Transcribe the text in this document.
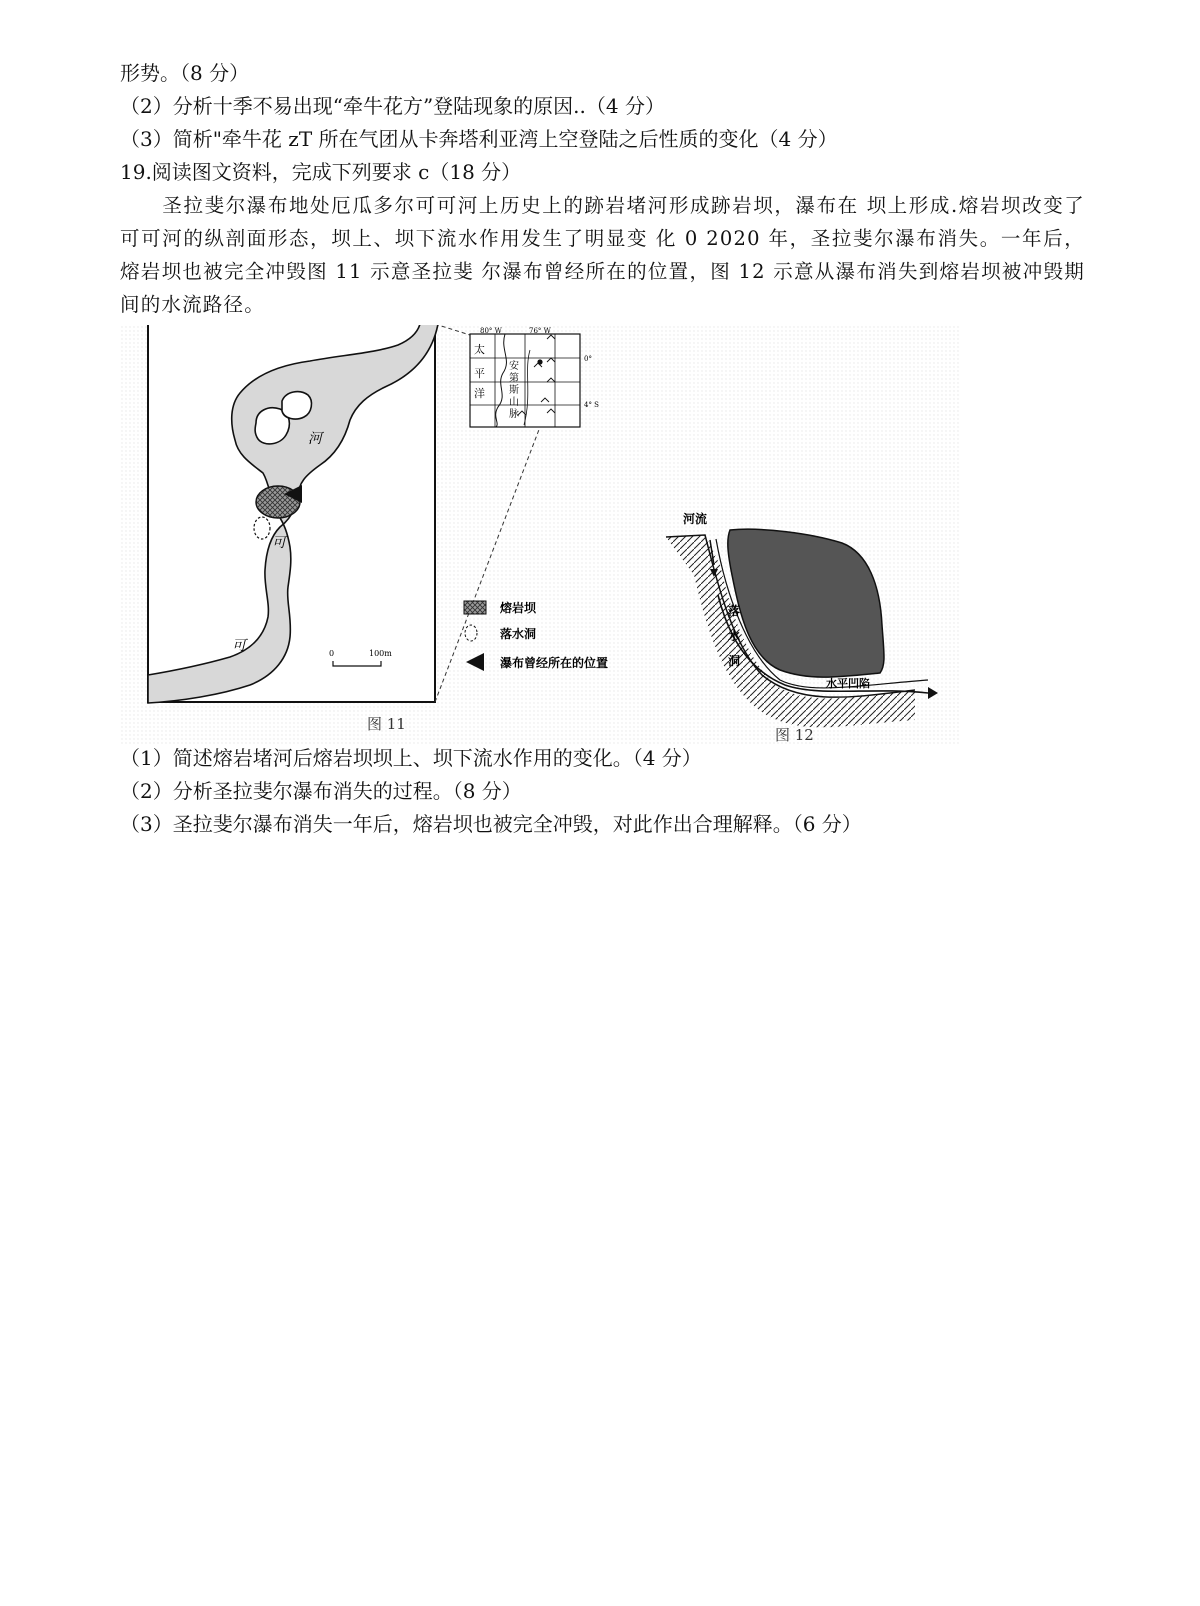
形势。（8 分）
（2）分析十季不易出现“牵牛花方”登陆现象的原因..（4 分）
（3）简析"牵牛花 zT 所在气团从卡奔塔利亚湾上空登陆之后性质的变化（4 分）
19.阅读图文资料，完成下列要求 c（18 分）
圣拉斐尔瀑布地处厄瓜多尔可可河上历史上的跡岩堵河形成跡岩坝，瀑布在 坝上形成.熔岩坝改变了可可河的纵剖面形态，坝上、坝下流水作用发生了明显变 化 0 2020 年，圣拉斐尔瀑布消失。一年后，熔岩坝也被完全冲毁图 11 示意圣拉斐 尔瀑布曾经所在的位置，图 12 示意从瀑布消失到熔岩坝被冲毁期间的水流路径。
河
可
可	0	100m
80° W	76° W
0°
4° S
太
平
洋
安
第
斯
山
脉
熔岩坝
落水洞
瀑布曾经所在的位置
图 11
河流
落
水
洞
水平凹陷
图 12
（1）简述熔岩堵河后熔岩坝坝上、坝下流水作用的变化。（4 分）
（2）分析圣拉斐尔瀑布消失的过程。（8 分）
（3）圣拉斐尔瀑布消失一年后，熔岩坝也被完全冲毁，对此作出合理解释。（6 分）
